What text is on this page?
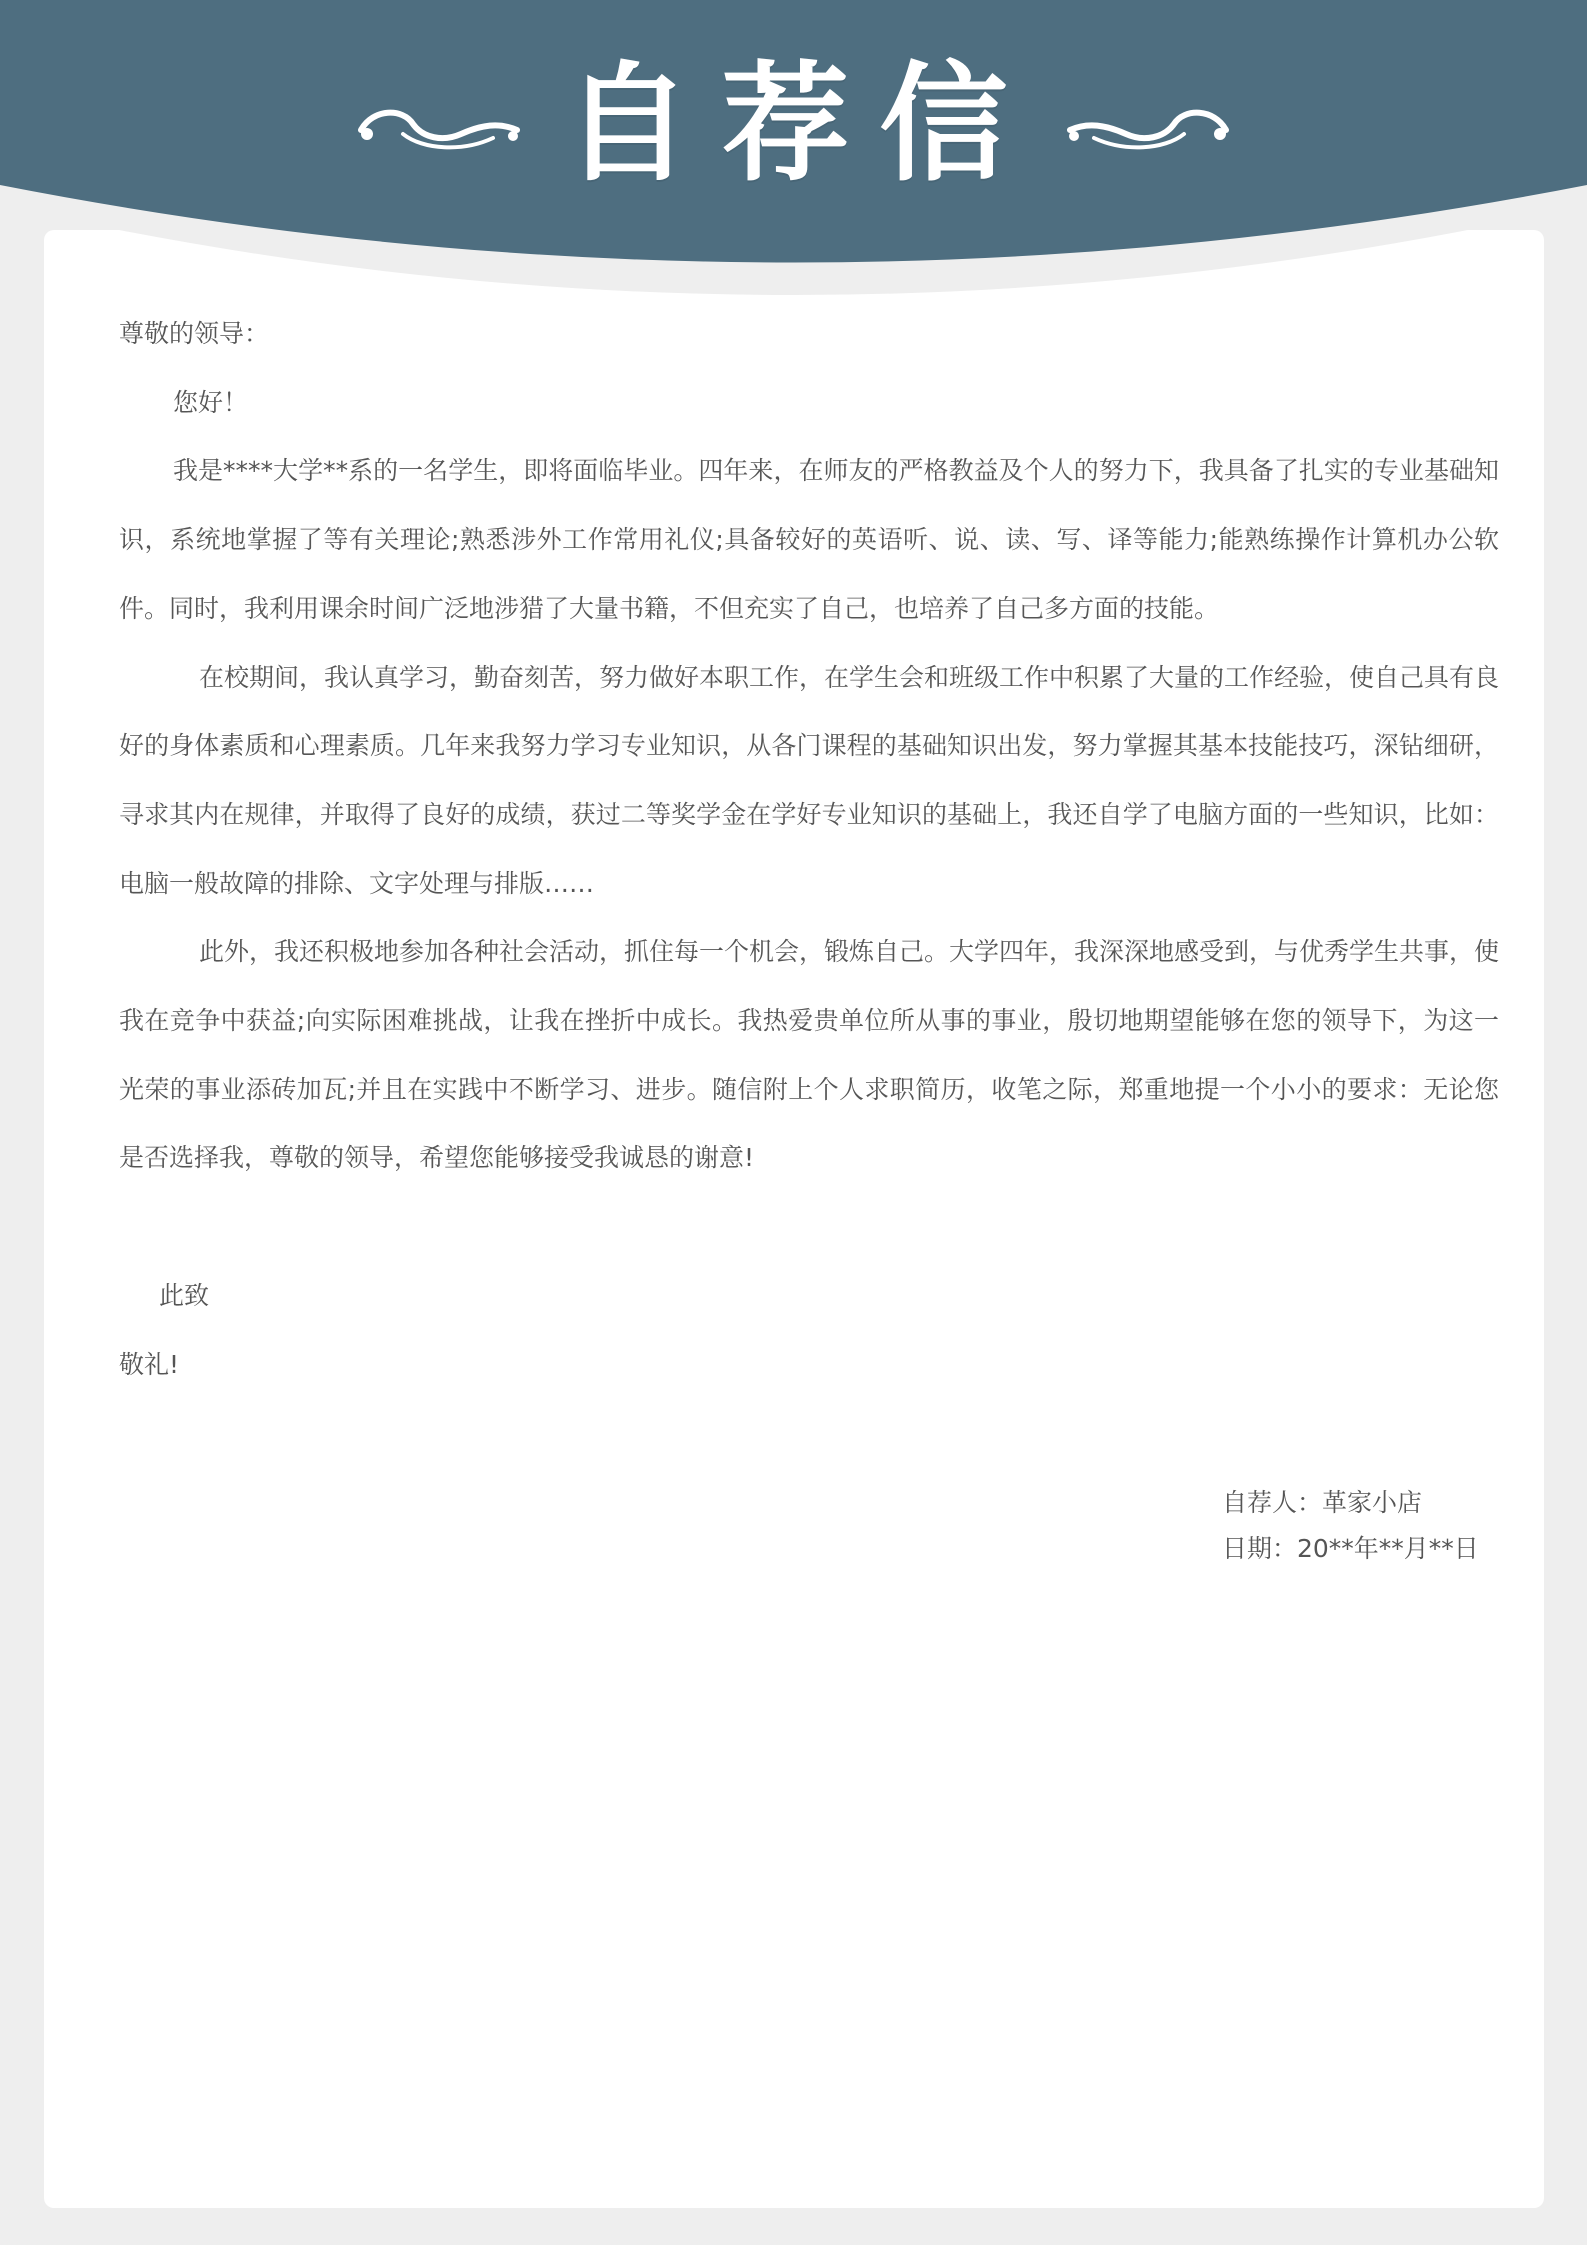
自荐信

尊敬的领导：

您好！

我是****大学**系的一名学生，即将面临毕业。四年来，在师友的严格教益及个人的努力下，我具备了扎实的专业基础知识，系统地掌握了等有关理论;熟悉涉外工作常用礼仪;具备较好的英语听、说、读、写、译等能力;能熟练操作计算机办公软件。同时，我利用课余时间广泛地涉猎了大量书籍，不但充实了自己，也培养了自己多方面的技能。

在校期间，我认真学习，勤奋刻苦，努力做好本职工作，在学生会和班级工作中积累了大量的工作经验，使自己具有良好的身体素质和心理素质。几年来我努力学习专业知识，从各门课程的基础知识出发，努力掌握其基本技能技巧，深钻细研，寻求其内在规律，并取得了良好的成绩，获过二等奖学金在学好专业知识的基础上，我还自学了电脑方面的一些知识，比如：电脑一般故障的排除、文字处理与排版……

此外，我还积极地参加各种社会活动，抓住每一个机会，锻炼自己。大学四年，我深深地感受到，与优秀学生共事，使我在竞争中获益;向实际困难挑战，让我在挫折中成长。我热爱贵单位所从事的事业，殷切地期望能够在您的领导下，为这一光荣的事业添砖加瓦;并且在实践中不断学习、进步。随信附上个人求职简历，收笔之际，郑重地提一个小小的要求：无论您是否选择我，尊敬的领导，希望您能够接受我诚恳的谢意!

此致

敬礼!

自荐人：革家小店

日期：20**年**月**日
